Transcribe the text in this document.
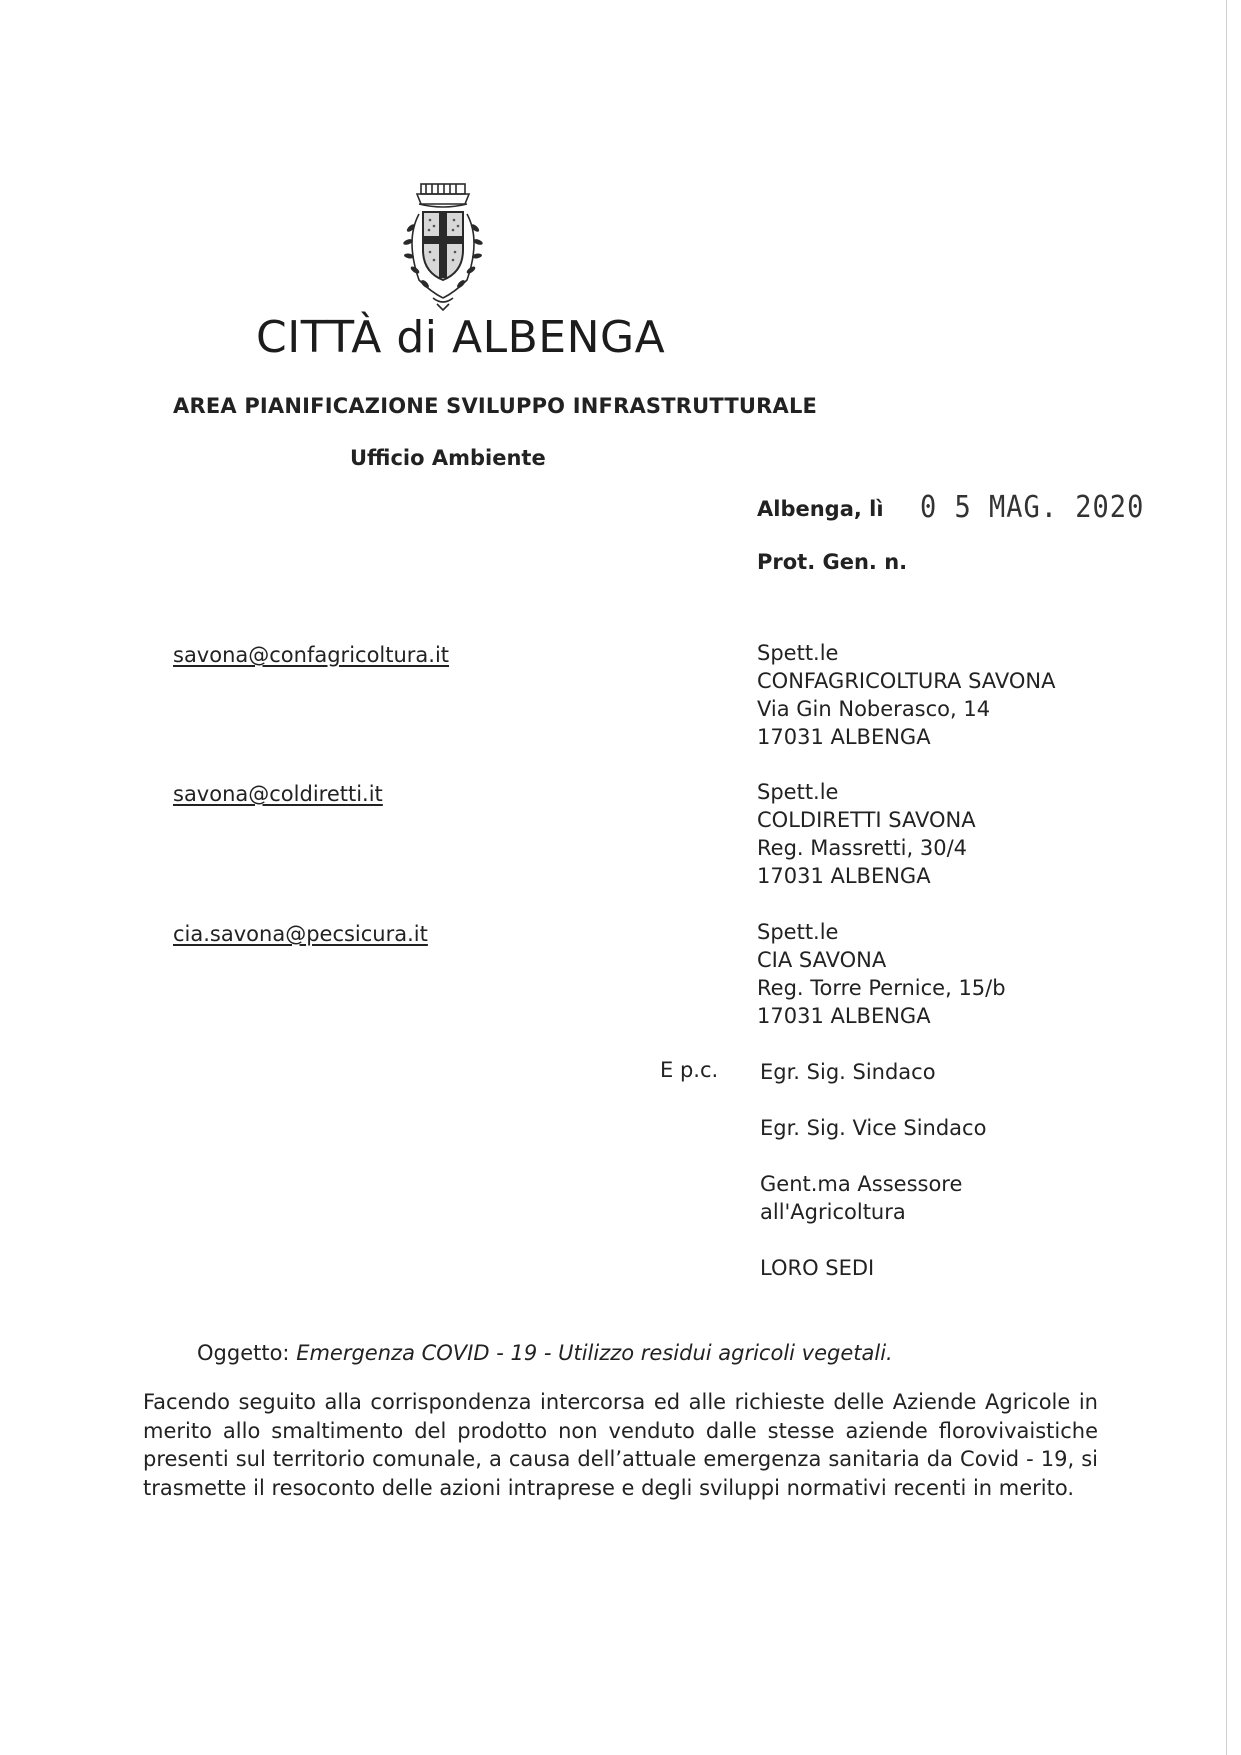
CITTÀ di ALBENGA
AREA PIANIFICAZIONE SVILUPPO INFRASTRUTTURALE
Ufficio Ambiente
Albenga, lì 0 5 MAG. 2020
Prot. Gen. n.
savona@confagricoltura.it	Spett.le
CONFAGRICOLTURA SAVONA
Via Gin Noberasco, 14
17031 ALBENGA
savona@coldiretti.it	Spett.le
COLDIRETTI SAVONA
Reg. Massretti, 30/4
17031 ALBENGA
cia.savona@pecsicura.it	Spett.le
CIA SAVONA
Reg. Torre Pernice, 15/b
17031 ALBENGA
E p.c. Egr. Sig. Sindaco
Egr. Sig. Vice Sindaco
Gent.ma Assessore
all'Agricoltura
LORO SEDI
Oggetto: Emergenza COVID - 19 - Utilizzo residui agricoli vegetali.
Facendo seguito alla corrispondenza intercorsa ed alle richieste delle Aziende Agricole in merito allo smaltimento del prodotto non venduto dalle stesse aziende florovivaistiche presenti sul territorio comunale, a causa dell’attuale emergenza sanitaria da Covid - 19, si trasmette il resoconto delle azioni intraprese e degli sviluppi normativi recenti in merito.
